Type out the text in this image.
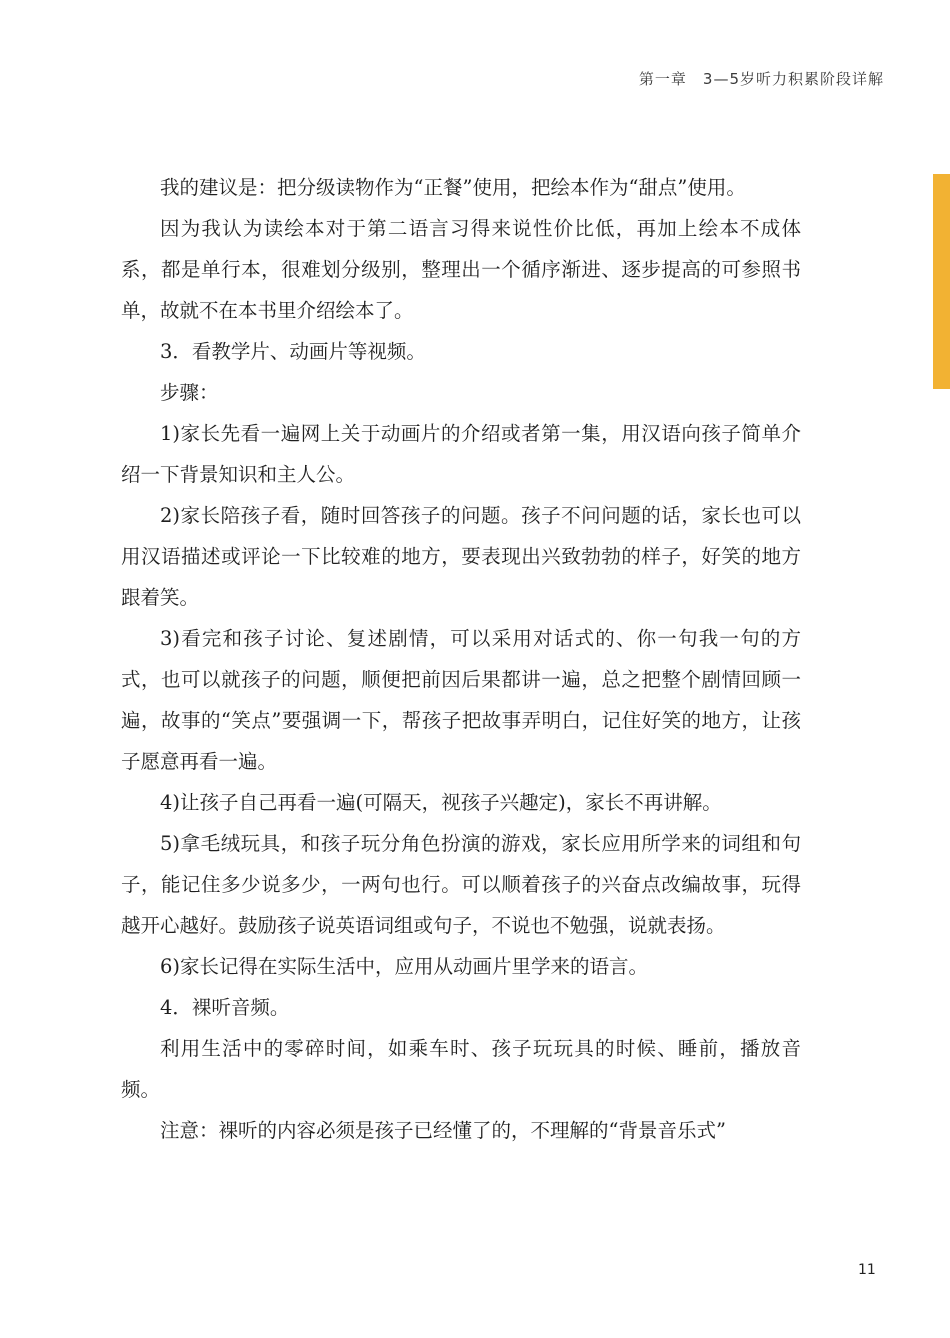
第一章 3—5岁听力积累阶段详解

我的建议是：把分级读物作为“正餐”使用，把绘本作为“甜点”使用。

因为我认为读绘本对于第二语言习得来说性价比低，再加上绘本不成体系，都是单行本，很难划分级别，整理出一个循序渐进、逐步提高的可参照书单，故就不在本书里介绍绘本了。

3．看教学片、动画片等视频。

步骤：

1)家长先看一遍网上关于动画片的介绍或者第一集，用汉语向孩子简单介绍一下背景知识和主人公。

2)家长陪孩子看，随时回答孩子的问题。孩子不问问题的话，家长也可以用汉语描述或评论一下比较难的地方，要表现出兴致勃勃的样子，好笑的地方跟着笑。

3)看完和孩子讨论、复述剧情，可以采用对话式的、你一句我一句的方式，也可以就孩子的问题，顺便把前因后果都讲一遍，总之把整个剧情回顾一遍，故事的“笑点”要强调一下，帮孩子把故事弄明白，记住好笑的地方，让孩子愿意再看一遍。

4)让孩子自己再看一遍(可隔天，视孩子兴趣定)，家长不再讲解。

5)拿毛绒玩具，和孩子玩分角色扮演的游戏，家长应用所学来的词组和句子，能记住多少说多少，一两句也行。可以顺着孩子的兴奋点改编故事，玩得越开心越好。鼓励孩子说英语词组或句子，不说也不勉强，说就表扬。

6)家长记得在实际生活中，应用从动画片里学来的语言。

4．裸听音频。

利用生活中的零碎时间，如乘车时、孩子玩玩具的时候、睡前，播放音频。

注意：裸听的内容必须是孩子已经懂了的，不理解的“背景音乐式”

11
